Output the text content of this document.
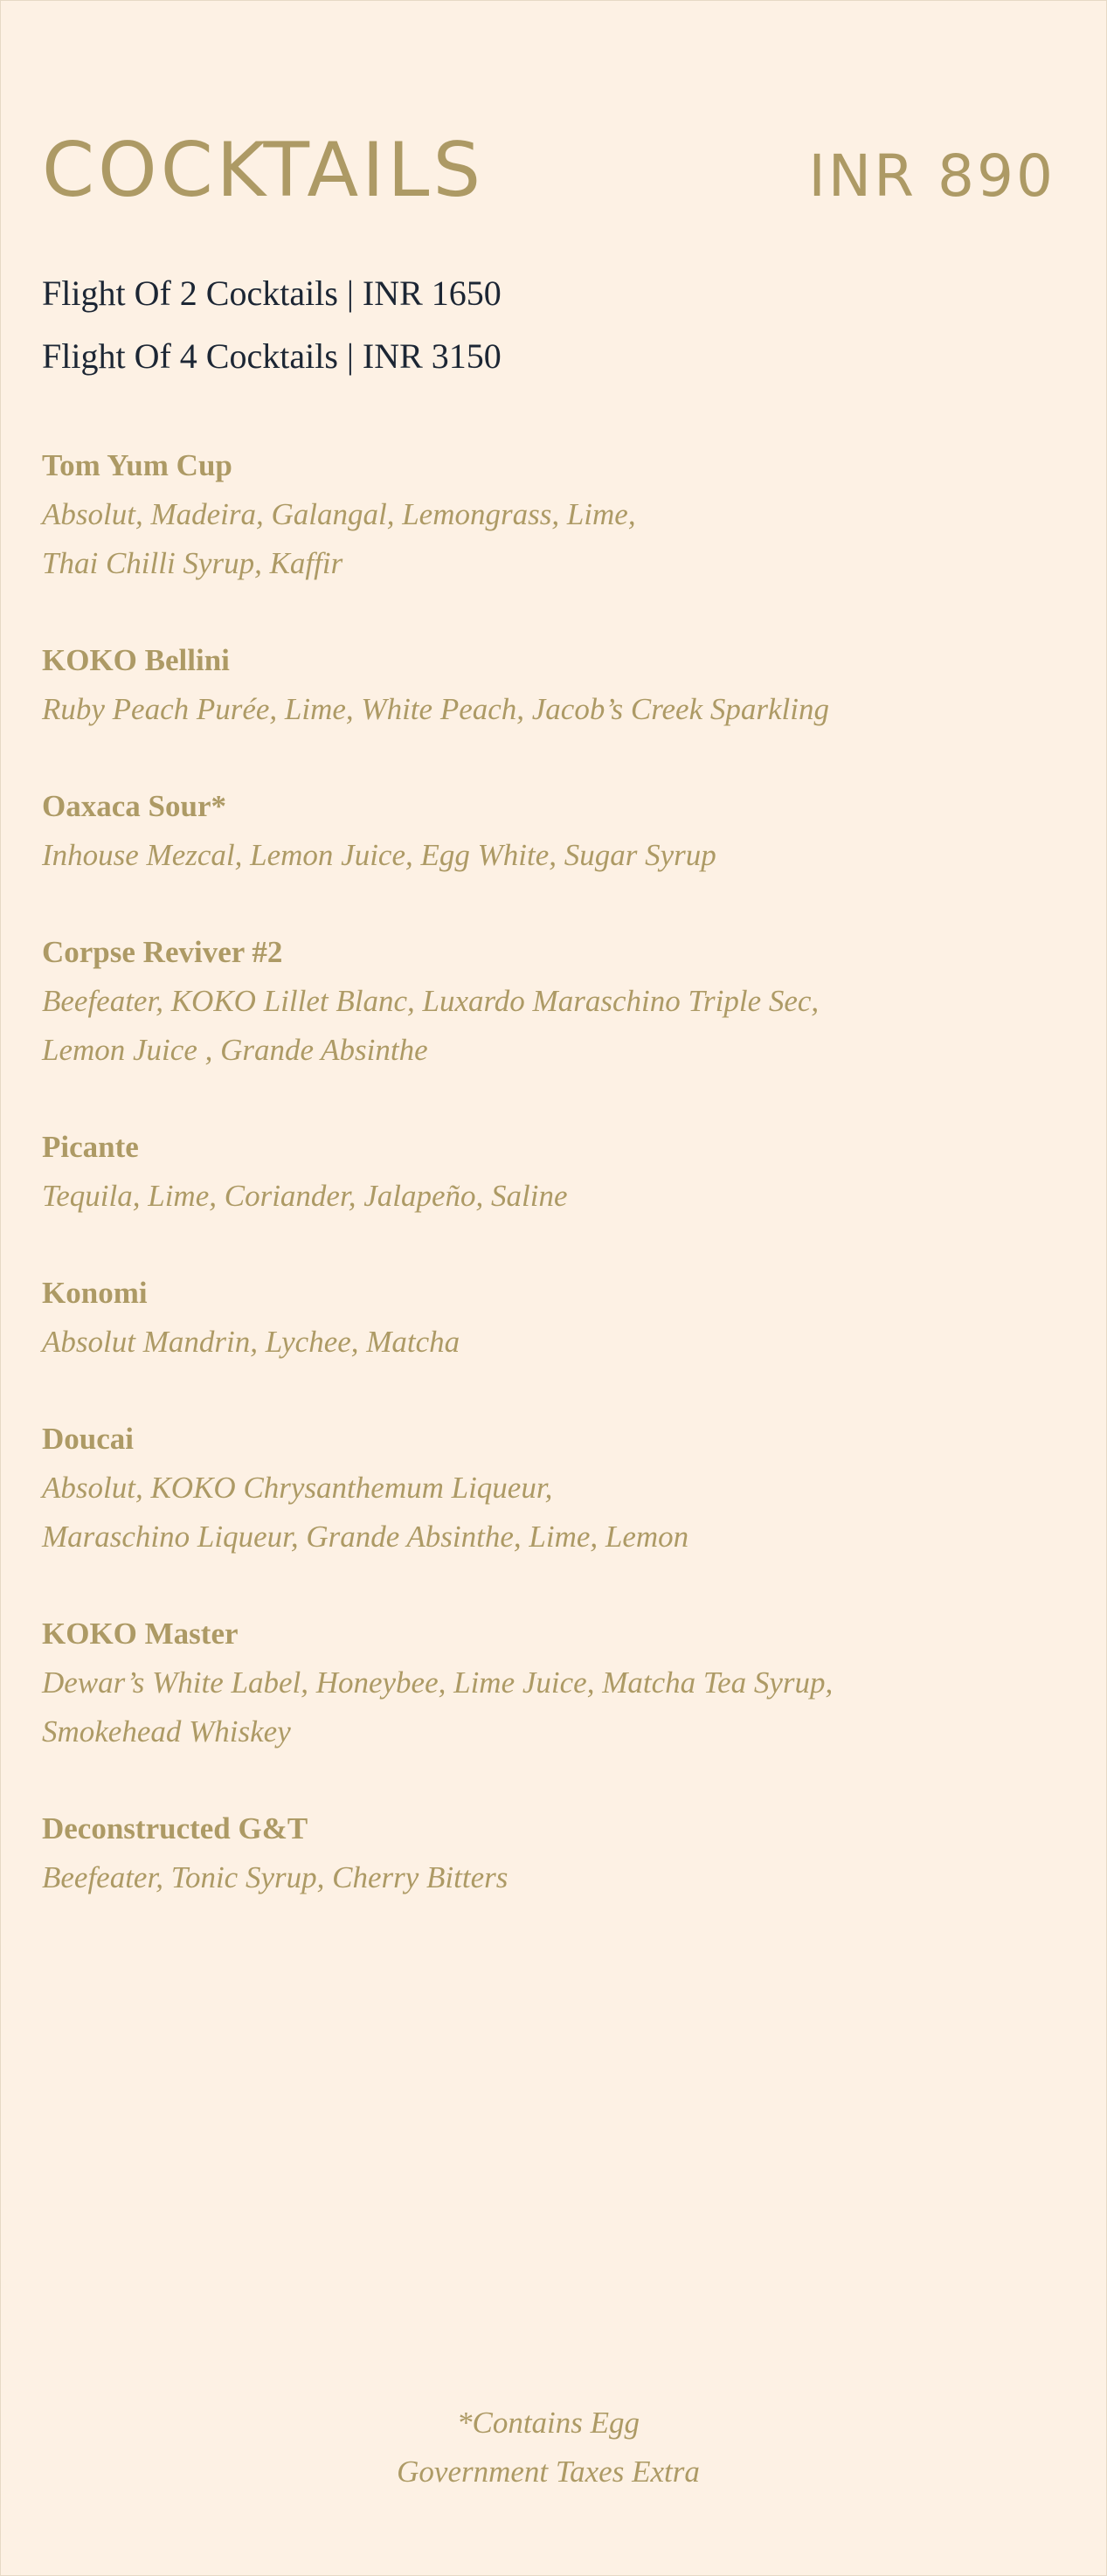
COCKTAILS	INR 890
Flight Of 2 Cocktails | INR 1650
Flight Of 4 Cocktails | INR 3150
Tom Yum Cup
Absolut, Madeira, Galangal, Lemongrass, Lime,
Thai Chilli Syrup, Kaffir
KOKO Bellini
Ruby Peach Purée, Lime, White Peach, Jacob’s Creek Sparkling
Oaxaca Sour*
Inhouse Mezcal, Lemon Juice, Egg White, Sugar Syrup
Corpse Reviver #2
Beefeater, KOKO Lillet Blanc, Luxardo Maraschino Triple Sec,
Lemon Juice , Grande Absinthe
Picante
Tequila, Lime, Coriander, Jalapeño, Saline
Konomi
Absolut Mandrin, Lychee, Matcha
Doucai
Absolut, KOKO Chrysanthemum Liqueur,
Maraschino Liqueur, Grande Absinthe, Lime, Lemon
KOKO Master
Dewar’s White Label, Honeybee, Lime Juice, Matcha Tea Syrup,
Smokehead Whiskey
Deconstructed G&T
Beefeater, Tonic Syrup, Cherry Bitters
*Contains Egg
Government Taxes Extra
